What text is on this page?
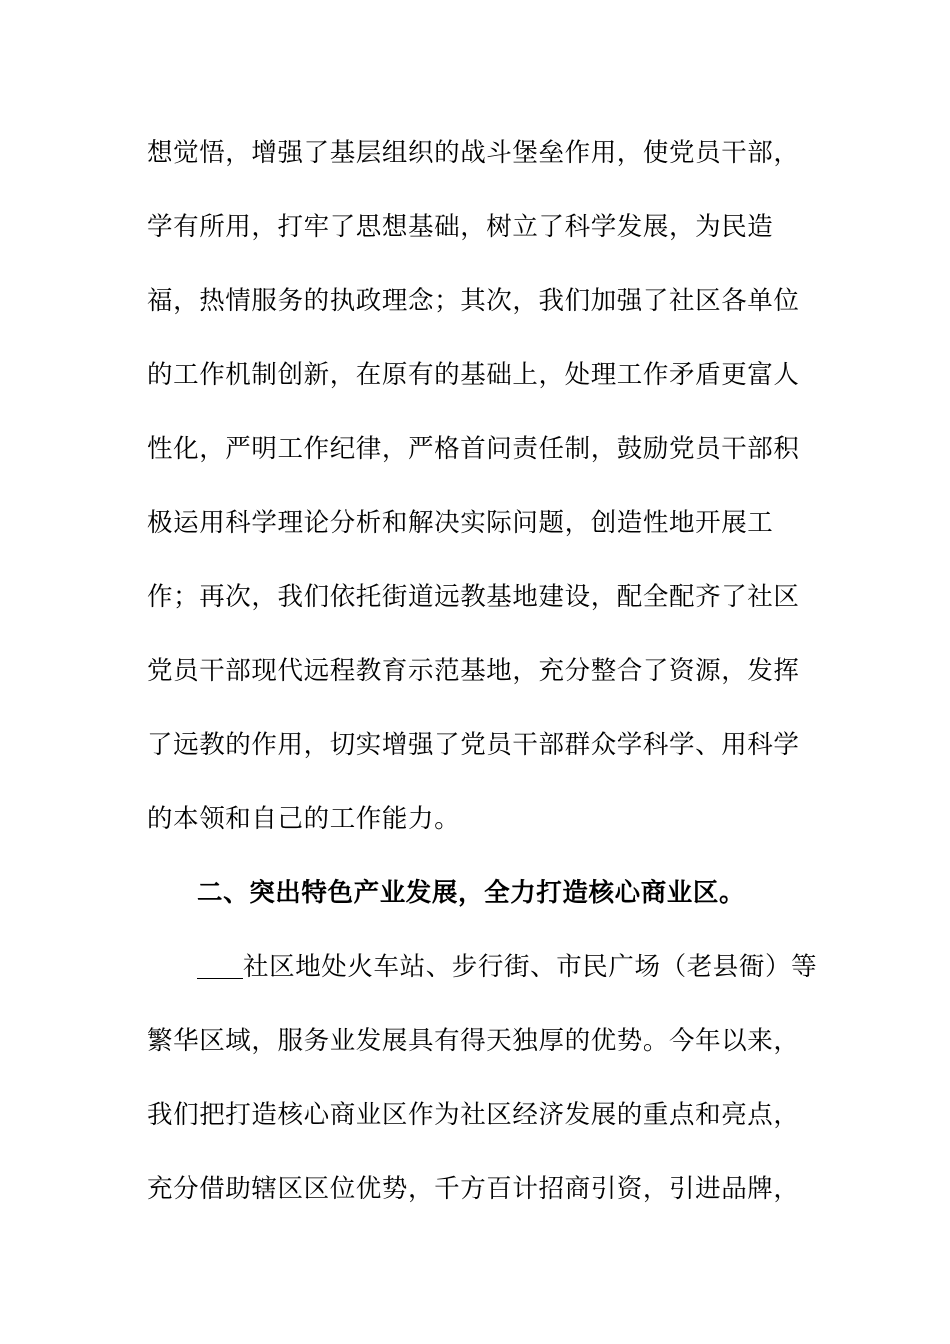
想觉悟，增强了基层组织的战斗堡垒作用，使党员干部，
学有所用，打牢了思想基础，树立了科学发展，为民造
福，热情服务的执政理念；其次，我们加强了社区各单位
的工作机制创新，在原有的基础上，处理工作矛盾更富人
性化，严明工作纪律，严格首问责任制，鼓励党员干部积
极运用科学理论分析和解决实际问题，创造性地开展工
作；再次，我们依托街道远教基地建设，配全配齐了社区
党员干部现代远程教育示范基地，充分整合了资源，发挥
了远教的作用，切实增强了党员干部群众学科学、用科学
的本领和自己的工作能力。
二、突出特色产业发展，全力打造核心商业区。
社区地处火车站、步行街、市民广场（老县衙）等
繁华区域，服务业发展具有得天独厚的优势。今年以来，
我们把打造核心商业区作为社区经济发展的重点和亮点，
充分借助辖区区位优势，千方百计招商引资，引进品牌，
